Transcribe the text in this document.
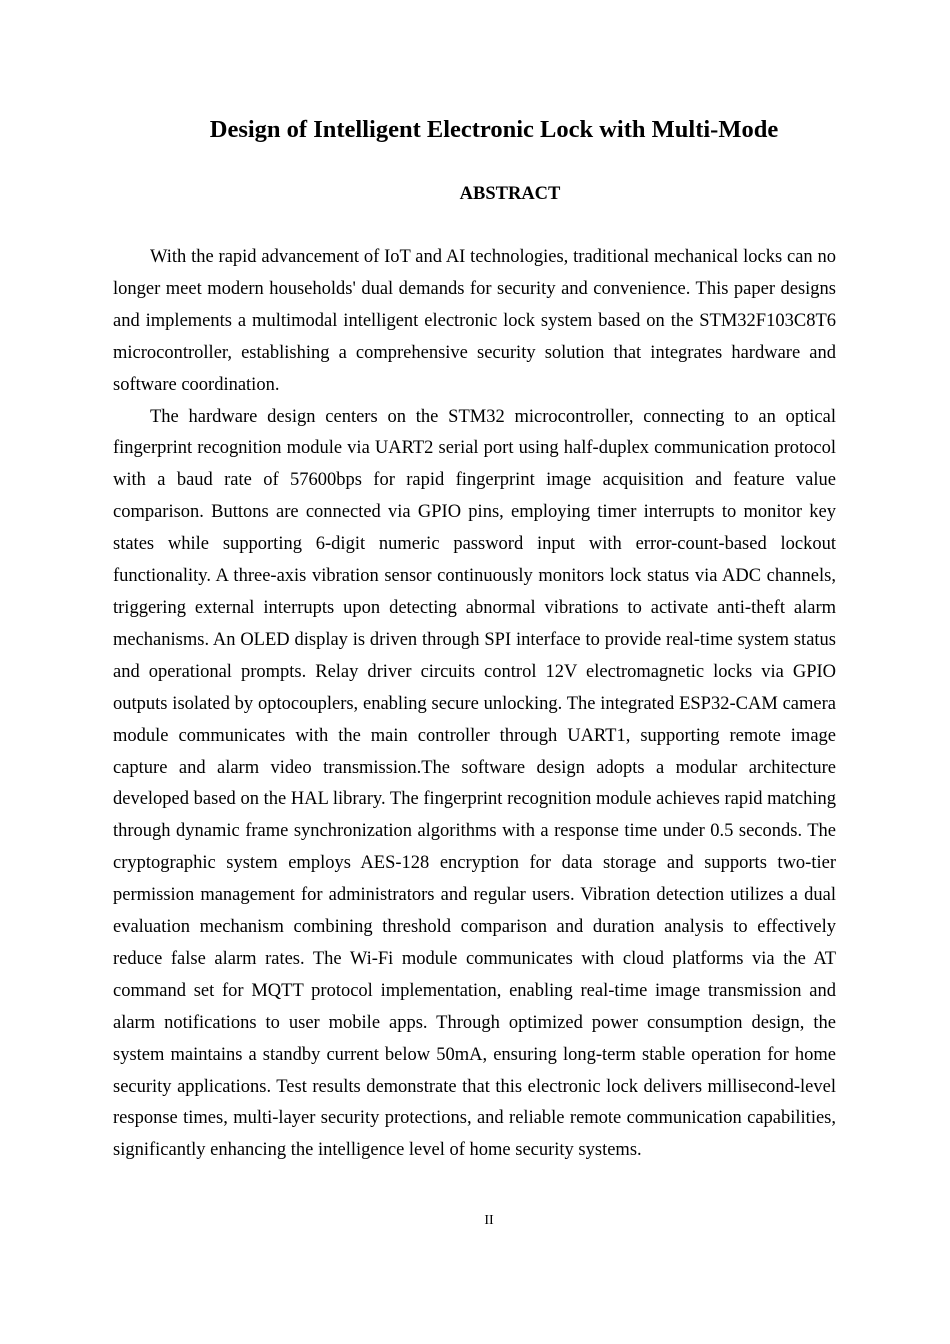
Design of Intelligent Electronic Lock with Multi-Mode
ABSTRACT

With the rapid advancement of IoT and AI technologies, traditional mechanical locks can no longer meet modern households' dual demands for security and convenience. This paper designs and implements a multimodal intelligent electronic lock system based on the STM32F103C8T6 microcontroller, establishing a comprehensive security solution that integrates hardware and software coordination.

The hardware design centers on the STM32 microcontroller, connecting to an optical fingerprint recognition module via UART2 serial port using half-duplex communication protocol with a baud rate of 57600bps for rapid fingerprint image acquisition and feature value comparison. Buttons are connected via GPIO pins, employing timer interrupts to monitor key states while supporting 6-digit numeric password input with error-count-based lockout functionality. A three-axis vibration sensor continuously monitors lock status via ADC channels, triggering external interrupts upon detecting abnormal vibrations to activate anti-theft alarm mechanisms. An OLED display is driven through SPI interface to provide real-time system status and operational prompts. Relay driver circuits control 12V electromagnetic locks via GPIO outputs isolated by optocouplers, enabling secure unlocking. The integrated ESP32-CAM camera module communicates with the main controller through UART1, supporting remote image capture and alarm video transmission.The software design adopts a modular architecture developed based on the HAL library. The fingerprint recognition module achieves rapid matching through dynamic frame synchronization algorithms with a response time under 0.5 seconds. The cryptographic system employs AES-128 encryption for data storage and supports two-tier permission management for administrators and regular users. Vibration detection utilizes a dual evaluation mechanism combining threshold comparison and duration analysis to effectively reduce false alarm rates. The Wi-Fi module communicates with cloud platforms via the AT command set for MQTT protocol implementation, enabling real-time image transmission and alarm notifications to user mobile apps. Through optimized power consumption design, the system maintains a standby current below 50mA, ensuring long-term stable operation for home security applications. Test results demonstrate that this electronic lock delivers millisecond-level response times, multi-layer security protections, and reliable remote communication capabilities, significantly enhancing the intelligence level of home security systems.

II
